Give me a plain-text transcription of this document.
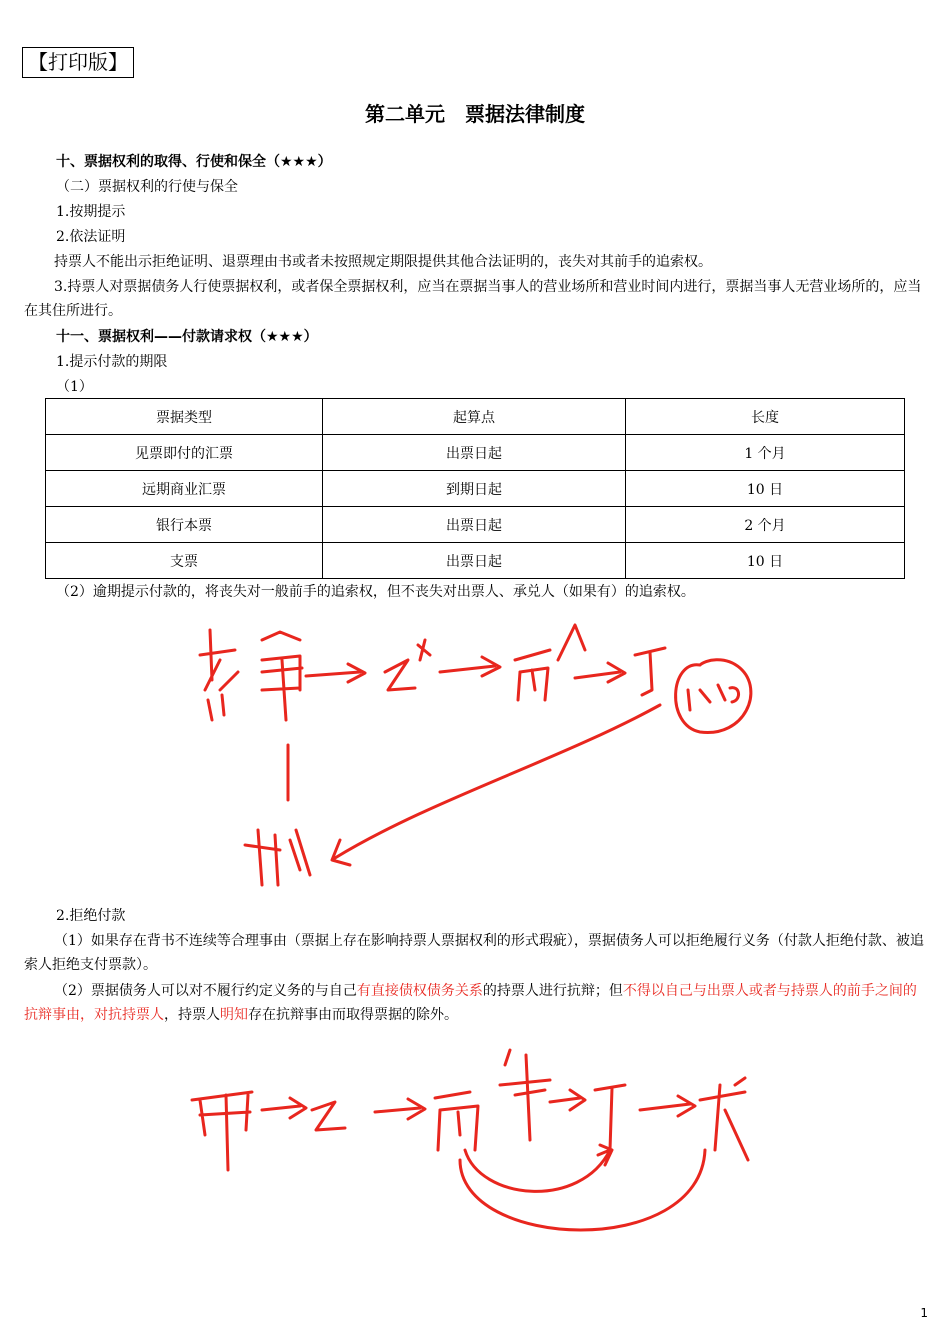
【打印版】
第二单元　票据法律制度
十、票据权利的取得、行使和保全（★★★）
（二）票据权利的行使与保全
1.按期提示
2.依法证明
持票人不能出示拒绝证明、退票理由书或者未按照规定期限提供其他合法证明的，丧失对其前手的追索权。
3.持票人对票据债务人行使票据权利，或者保全票据权利，应当在票据当事人的营业场所和营业时间内进行，票据当事人无营业场所的，应当在其住所进行。
十一、票据权利——付款请求权（★★★）
1.提示付款的期限
（1）
票据类型	起算点	长度
见票即付的汇票	出票日起	1 个月
远期商业汇票	到期日起	10 日
银行本票	出票日起	2 个月
支票	出票日起	10 日
（2）逾期提示付款的，将丧失对一般前手的追索权，但不丧失对出票人、承兑人（如果有）的追索权。
2.拒绝付款
（1）如果存在背书不连续等合理事由（票据上存在影响持票人票据权利的形式瑕疵），票据债务人可以拒绝履行义务（付款人拒绝付款、被追索人拒绝支付票款）。
（2）票据债务人可以对不履行约定义务的与自己有直接债权债务关系的持票人进行抗辩；但不得以自己与出票人或者与持票人的前手之间的抗辩事由，对抗持票人，持票人明知存在抗辩事由而取得票据的除外。
1
